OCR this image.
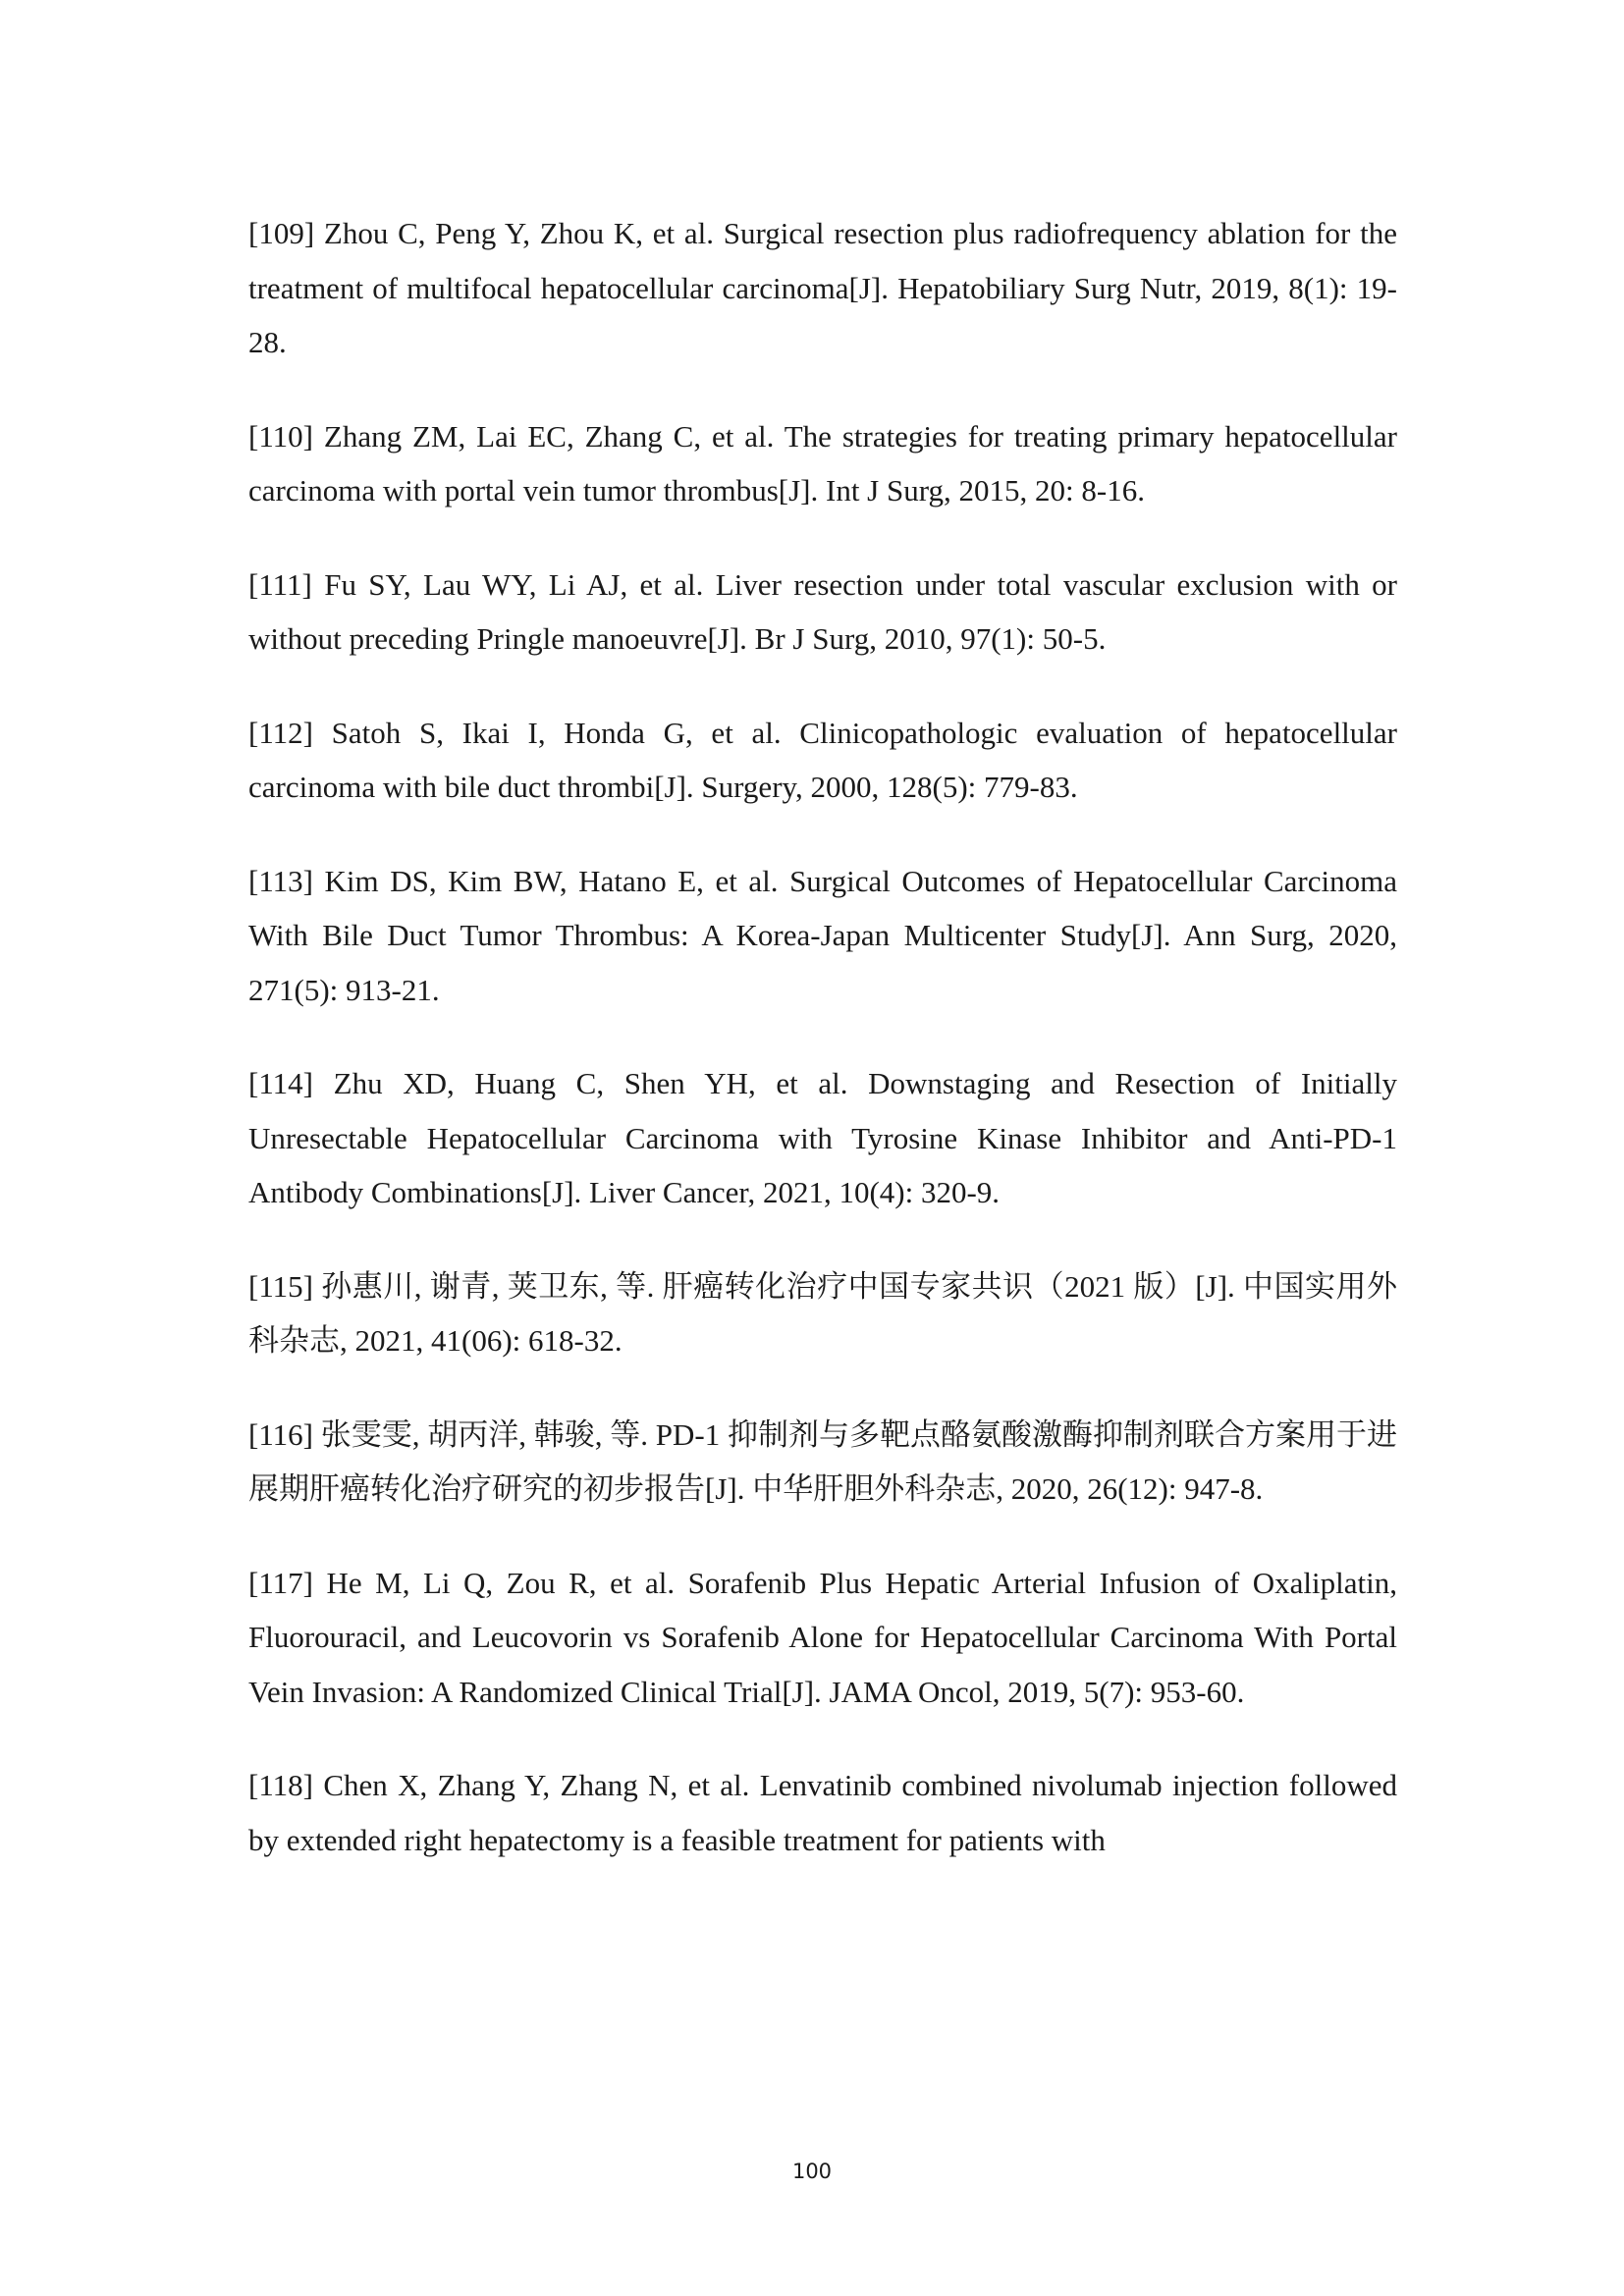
[109] Zhou C, Peng Y, Zhou K, et al. Surgical resection plus radiofrequency ablation for the treatment of multifocal hepatocellular carcinoma[J]. Hepatobiliary Surg Nutr, 2019, 8(1): 19-28.
[110] Zhang ZM, Lai EC, Zhang C, et al. The strategies for treating primary hepatocellular carcinoma with portal vein tumor thrombus[J]. Int J Surg, 2015, 20: 8-16.
[111] Fu SY, Lau WY, Li AJ, et al. Liver resection under total vascular exclusion with or without preceding Pringle manoeuvre[J]. Br J Surg, 2010, 97(1): 50-5.
[112] Satoh S, Ikai I, Honda G, et al. Clinicopathologic evaluation of hepatocellular carcinoma with bile duct thrombi[J]. Surgery, 2000, 128(5): 779-83.
[113] Kim DS, Kim BW, Hatano E, et al. Surgical Outcomes of Hepatocellular Carcinoma With Bile Duct Tumor Thrombus: A Korea-Japan Multicenter Study[J]. Ann Surg, 2020, 271(5): 913-21.
[114] Zhu XD, Huang C, Shen YH, et al. Downstaging and Resection of Initially Unresectable Hepatocellular Carcinoma with Tyrosine Kinase Inhibitor and Anti-PD-1 Antibody Combinations[J]. Liver Cancer, 2021, 10(4): 320-9.
[115] 孙惠川, 谢青, 荚卫东, 等. 肝癌转化治疗中国专家共识（2021 版）[J]. 中国实用外科杂志, 2021, 41(06): 618-32.
[116] 张雯雯, 胡丙洋, 韩骏, 等. PD-1 抑制剂与多靶点酪氨酸激酶抑制剂联合方案用于进展期肝癌转化治疗研究的初步报告[J]. 中华肝胆外科杂志, 2020, 26(12): 947-8.
[117] He M, Li Q, Zou R, et al. Sorafenib Plus Hepatic Arterial Infusion of Oxaliplatin, Fluorouracil, and Leucovorin vs Sorafenib Alone for Hepatocellular Carcinoma With Portal Vein Invasion: A Randomized Clinical Trial[J]. JAMA Oncol, 2019, 5(7): 953-60.
[118] Chen X, Zhang Y, Zhang N, et al. Lenvatinib combined nivolumab injection followed by extended right hepatectomy is a feasible treatment for patients with
100
